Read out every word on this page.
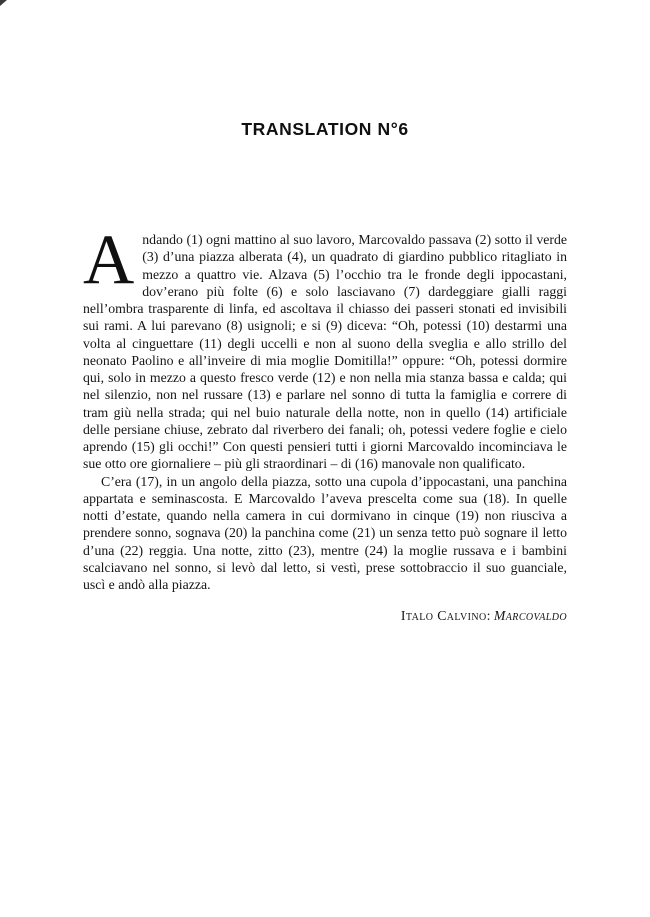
TRANSLATION N°6

Andando (1) ogni mattino al suo lavoro, Marcovaldo passava (2) sotto il verde (3) d’una piazza alberata (4), un quadrato di giardino pubblico ritagliato in mezzo a quattro vie. Alzava (5) l’occhio tra le fronde degli ippocastani, dov’erano più folte (6) e solo lasciavano (7) dardeggiare gialli raggi nell’ombra trasparente di linfa, ed ascoltava il chiasso dei passeri stonati ed invisibili sui rami. A lui parevano (8) usignoli; e si (9) diceva: “Oh, potessi (10) destarmi una volta al cinguettare (11) degli uccelli e non al suono della sveglia e allo strillo del neonato Paolino e all’inveire di mia moglie Domitilla!” oppure: “Oh, potessi dormire qui, solo in mezzo a questo fresco verde (12) e non nella mia stanza bassa e calda; qui nel silenzio, non nel russare (13) e parlare nel sonno di tutta la famiglia e correre di tram giù nella strada; qui nel buio naturale della notte, non in quello (14) artificiale delle persiane chiuse, zebrato dal riverbero dei fanali; oh, potessi vedere foglie e cielo aprendo (15) gli occhi!” Con questi pensieri tutti i giorni Marcovaldo incominciava le sue otto ore giornaliere – più gli straordinari – di (16) manovale non qualificato.

C’era (17), in un angolo della piazza, sotto una cupola d’ippocastani, una panchina appartata e seminascosta. E Marcovaldo l’aveva prescelta come sua (18). In quelle notti d’estate, quando nella camera in cui dormivano in cinque (19) non riusciva a prendere sonno, sognava (20) la panchina come (21) un senza tetto può sognare il letto d’una (22) reggia. Una notte, zitto (23), mentre (24) la moglie russava e i bambini scalciavano nel sonno, si levò dal letto, si vestì, prese sottobraccio il suo guanciale, uscì e andò alla piazza.

Italo Calvino: Marcovaldo
